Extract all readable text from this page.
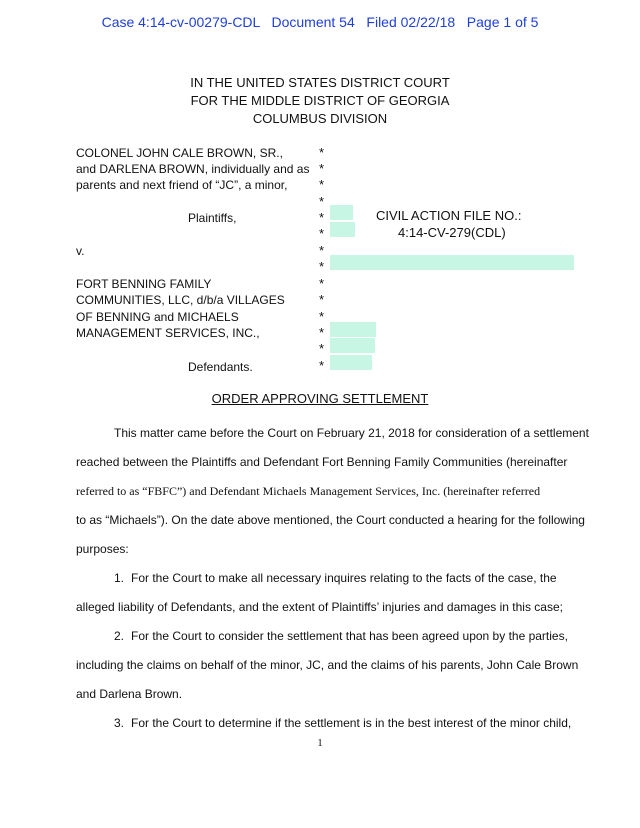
Case 4:14-cv-00279-CDL   Document 54   Filed 02/22/18   Page 1 of 5
IN THE UNITED STATES DISTRICT COURT
FOR THE MIDDLE DISTRICT OF GEORGIA
COLUMBUS DIVISION
COLONEL JOHN CALE BROWN, SR.,
and DARLENA BROWN, individually and as
parents and next friend of “JC”, a minor,
Plaintiffs,
v.
FORT BENNING FAMILY
COMMUNITIES, LLC, d/b/a VILLAGES
OF BENNING and MICHAELS
MANAGEMENT SERVICES, INC.,
Defendants.
*
*
*
*
*
*
*
*
*
*
*
*
*
*
CIVIL ACTION FILE NO.:
4:14-CV-279(CDL)
ORDER APPROVING SETTLEMENT
This matter came before the Court on February 21, 2018 for consideration of a settlement
reached between the Plaintiffs and Defendant Fort Benning Family Communities (hereinafter
referred to as “FBFC”) and Defendant Michaels Management Services, Inc. (hereinafter referred
to as “Michaels”). On the date above mentioned, the Court conducted a hearing for the following
purposes:
1. For the Court to make all necessary inquires relating to the facts of the case, the
alleged liability of Defendants, and the extent of Plaintiffs’ injuries and damages in this case;
2. For the Court to consider the settlement that has been agreed upon by the parties,
including the claims on behalf of the minor, JC, and the claims of his parents, John Cale Brown
and Darlena Brown.
3. For the Court to determine if the settlement is in the best interest of the minor child,
1
